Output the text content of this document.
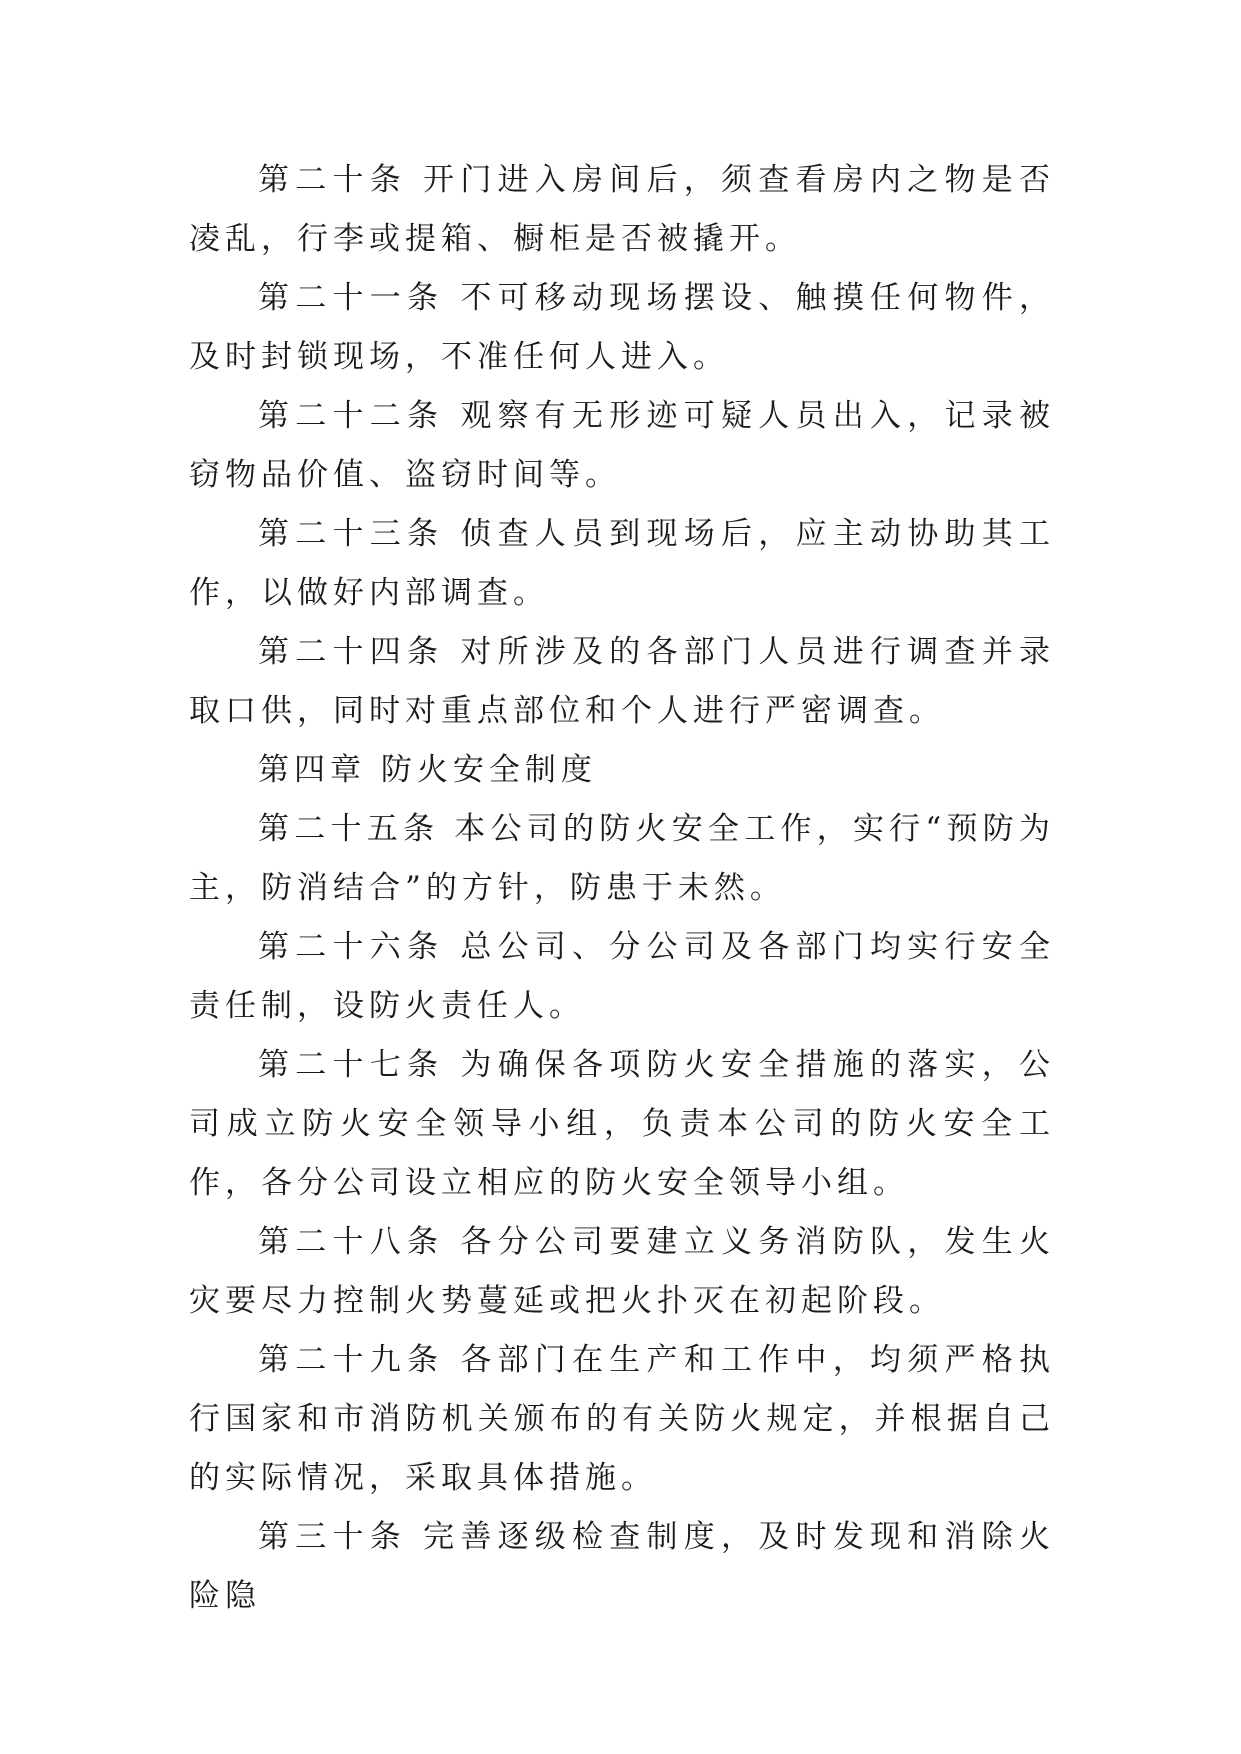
第二十条 开门进入房间后，须查看房内之物是否凌乱，行李或提箱、橱柜是否被撬开。

第二十一条 不可移动现场摆设、触摸任何物件，及时封锁现场，不准任何人进入。

第二十二条 观察有无形迹可疑人员出入，记录被窃物品价值、盗窃时间等。

第二十三条 侦查人员到现场后，应主动协助其工作，以做好内部调查。

第二十四条 对所涉及的各部门人员进行调查并录取口供，同时对重点部位和个人进行严密调查。

第四章 防火安全制度

第二十五条 本公司的防火安全工作，实行“预防为主，防消结合”的方针，防患于未然。

第二十六条 总公司、分公司及各部门均实行安全责任制，设防火责任人。

第二十七条 为确保各项防火安全措施的落实，公司成立防火安全领导小组，负责本公司的防火安全工作，各分公司设立相应的防火安全领导小组。

第二十八条 各分公司要建立义务消防队，发生火灾要尽力控制火势蔓延或把火扑灭在初起阶段。

第二十九条 各部门在生产和工作中，均须严格执行国家和市消防机关颁布的有关防火规定，并根据自己的实际情况，采取具体措施。

第三十条 完善逐级检查制度，及时发现和消除火险隐
